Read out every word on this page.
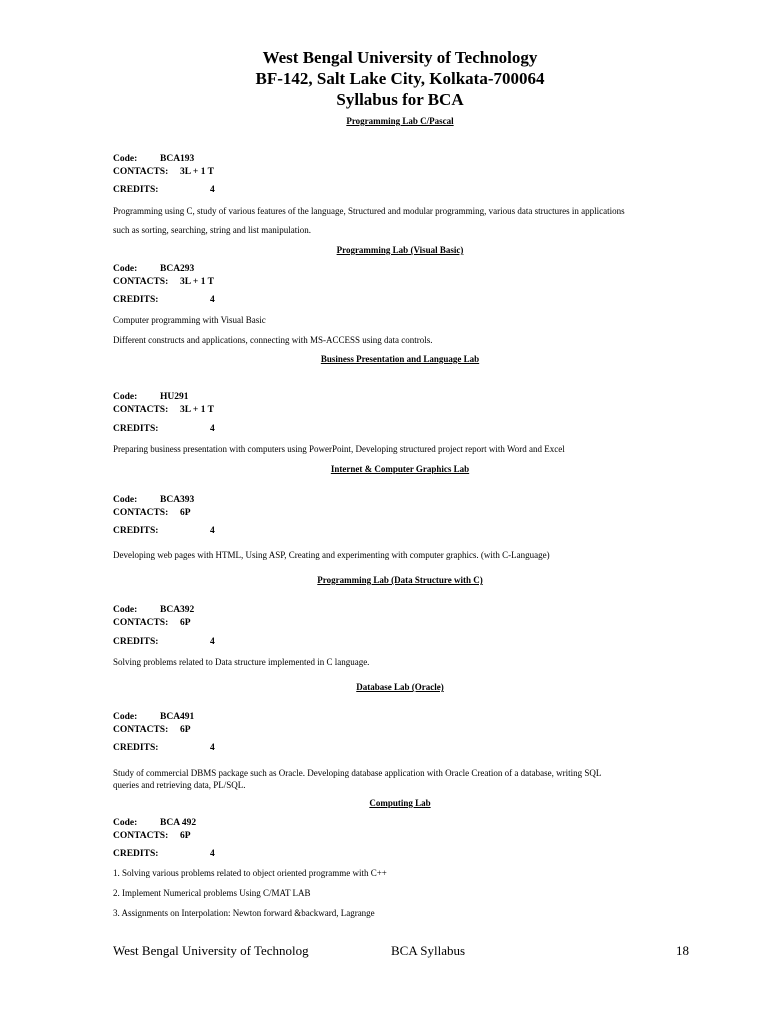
West Bengal University of Technology
BF-142, Salt Lake City, Kolkata-700064
Syllabus for BCA
Programming Lab C/Pascal
Code: BCA193
CONTACTS: 3L + 1 T
CREDITS:	4
Programming using C, study of various features of the language, Structured and modular programming, various data structures in applications
such as sorting, searching, string and list manipulation.
Programming Lab (Visual Basic)
Code: BCA293
CONTACTS: 3L + 1 T
CREDITS:	4
Computer programming with Visual Basic
Different constructs and applications, connecting with MS-ACCESS using data controls.
Business Presentation and Language Lab
Code: HU291
CONTACTS: 3L + 1 T
CREDITS:	4
Preparing business presentation with computers using PowerPoint, Developing structured project report with Word and Excel
Internet & Computer Graphics Lab
Code: BCA393
CONTACTS: 6P
CREDITS:	4
Developing web pages with HTML, Using ASP, Creating and experimenting with computer graphics. (with C-Language)
Programming Lab (Data Structure with C)
Code: BCA392
CONTACTS: 6P
CREDITS:	4
Solving problems related to Data structure implemented in C language.
Database Lab (Oracle)
Code: BCA491
CONTACTS: 6P
CREDITS:	4
Study of commercial DBMS package such as Oracle. Developing database application with Oracle Creation of a database, writing SQL
queries and retrieving data, PL/SQL.
Computing Lab
Code: BCA 492
CONTACTS: 6P
CREDITS:	4
1. Solving various problems related to object oriented programme with C++
2. Implement Numerical problems Using C/MAT LAB
3. Assignments on Interpolation: Newton forward &backward, Lagrange
West Bengal University of Technolog	BCA Syllabus	18
